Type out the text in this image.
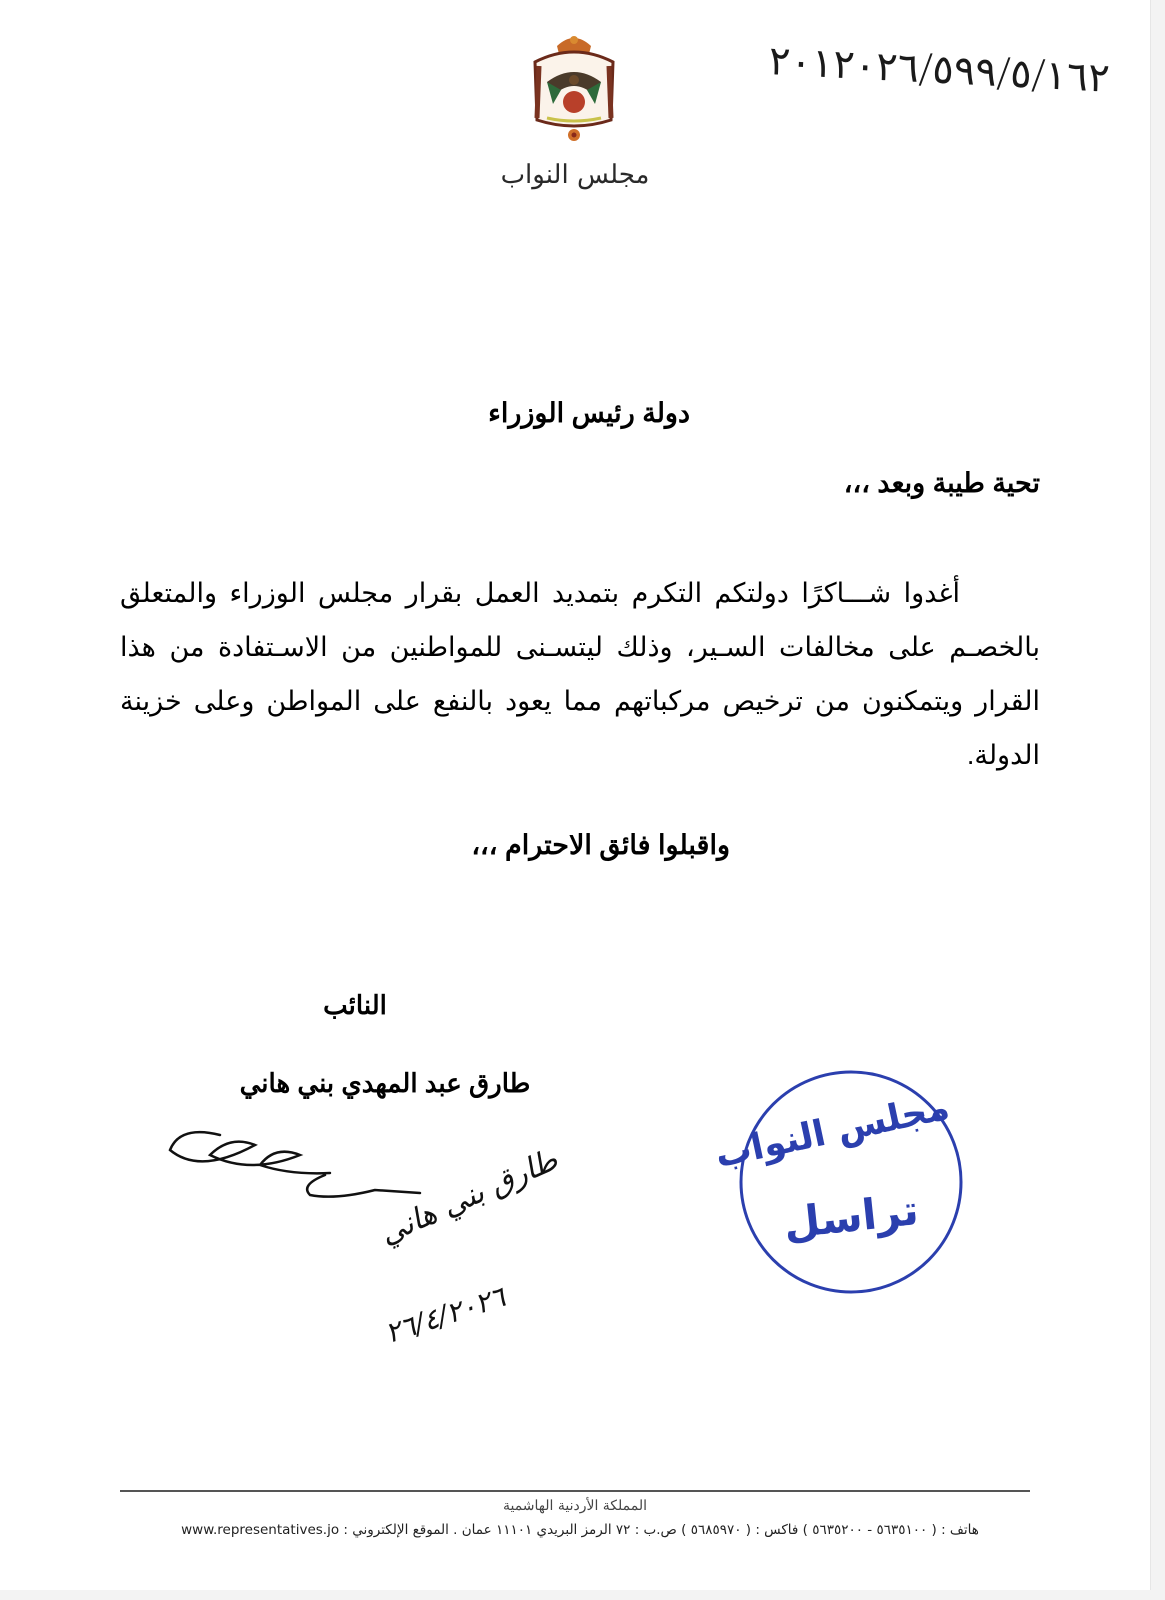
مجلس النواب
٢٠١٢٠٢٦/٥٩٩/٥/١٦٢
دولة رئيس الوزراء
تحية طيبة وبعد ،،،
أغدوا شـــاكرًا دولتكم التكرم بتمديد العمل بقرار مجلس الوزراء والمتعلق بالخصـم على مخالفات السـير، وذلك ليتسـنى للمواطنين من الاسـتفادة من هذا القرار ويتمكنون من ترخيص مركباتهم مما يعود بالنفع على المواطن وعلى خزينة الدولة.
واقبلوا فائق الاحترام ،،،
النائب
طارق عبد المهدي بني هاني
طارق بني هاني
٢٦/٤/٢٠٢٦
مجلس النواب
تراسل
المملكة الأردنية الهاشمية
هاتف : ( ٥٦٣٥١٠٠ - ٥٦٣٥٢٠٠ ) فاكس : ( ٥٦٨٥٩٧٠ ) ص.ب : ٧٢ الرمز البريدي ١١١٠١ عمان . الموقع الإلكتروني : www.representatives.jo
